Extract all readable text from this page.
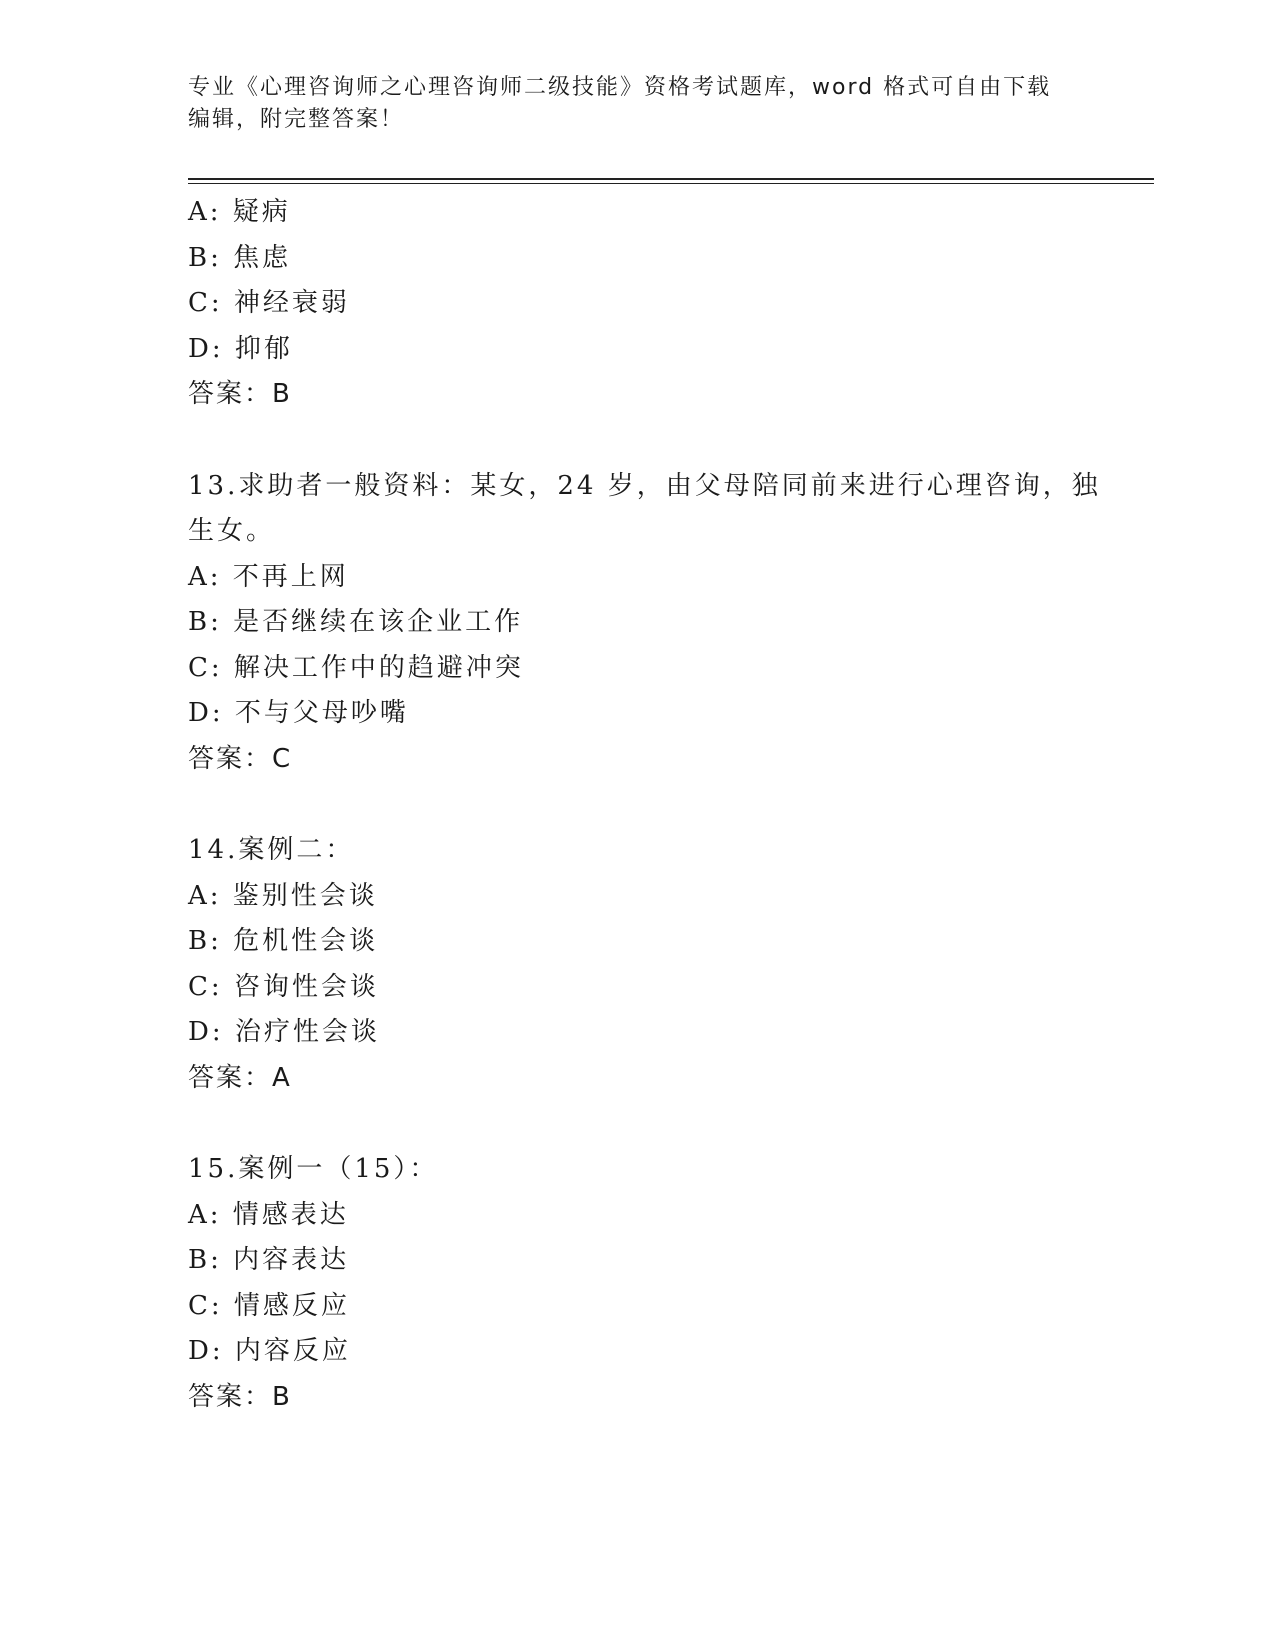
专业《心理咨询师之心理咨询师二级技能》资格考试题库，word 格式可自由下载
编辑，附完整答案！
A: 疑病
B: 焦虑
C: 神经衰弱
D: 抑郁
答案：B
13.求助者一般资料：某女，24 岁，由父母陪同前来进行心理咨询，独
生女。
A: 不再上网
B: 是否继续在该企业工作
C: 解决工作中的趋避冲突
D: 不与父母吵嘴
答案：C
14.案例二：
A: 鉴别性会谈
B: 危机性会谈
C: 咨询性会谈
D: 治疗性会谈
答案：A
15.案例一（15）：
A: 情感表达
B: 内容表达
C: 情感反应
D: 内容反应
答案：B
